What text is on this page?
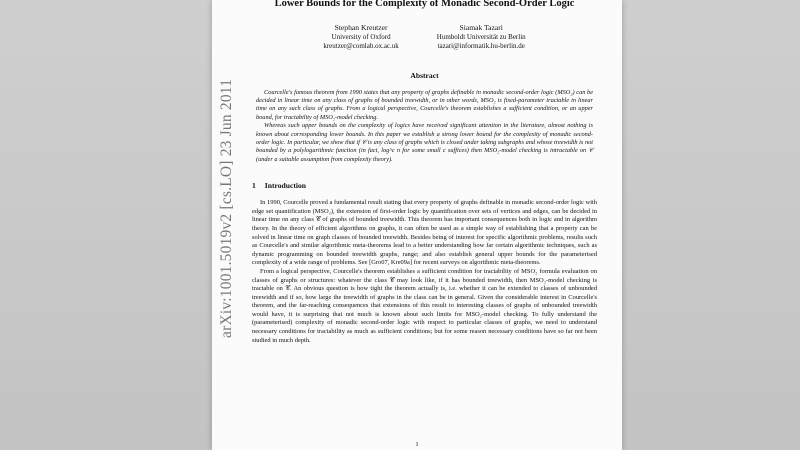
Lower Bounds for the Complexity of Monadic Second-Order Logic
Stephan Kreutzer
University of Oxford
kreutzer@comlab.ox.ac.uk
Siamak Tazari
Humboldt Universität zu Berlin
tazari@informatik.hu-berlin.de
Abstract

Courcelle's famous theorem from 1990 states that any property of graphs definable in monadic second-order logic (MSO₂) can be decided in linear time on any class of graphs of bounded treewidth, or in other words, MSO₂ is fixed-parameter tractable in linear time on any such class of graphs. From a logical perspective, Courcelle's theorem establishes a sufficient condition, or an upper bound, for tractability of MSO₂-model checking.

Whereas such upper bounds on the complexity of logics have received significant attention in the literature, almost nothing is known about corresponding lower bounds. In this paper we establish a strong lower bound for the complexity of monadic second-order logic. In particular, we show that if 𝒞 is any class of graphs which is closed under taking subgraphs and whose treewidth is not bounded by a polylogarithmic function (in fact, log^c n for some small c suffices) then MSO₂-model checking is intractable on 𝒞 (under a suitable assumption from complexity theory).

1 Introduction

In 1990, Courcelle proved a fundamental result stating that every property of graphs definable in monadic second-order logic with edge set quantification (MSO₂), the extension of first-order logic by quantification over sets of vertices and edges, can be decided in linear time on any class 𝒞 of graphs of bounded treewidth. This theorem has important consequences both in logic and in algorithm theory. In the theory of efficient algorithms on graphs, it can often be used as a simple way of establishing that a property can be solved in linear time on graph classes of bounded treewidth. Besides being of interest for specific algorithmic problems, results such as Courcelle's and similar algorithmic meta-theorems lead to a better understanding how far certain algorithmic techniques, such as dynamic programming on bounded treewidth graphs, range; and also establish general upper bounds for the parameterised complexity of a wide range of problems. See [Gro07, Kre09a] for recent surveys on algorithmic meta-theorems.

From a logical perspective, Courcelle's theorem establishes a sufficient condition for tractability of MSO₂ formula evaluation on classes of graphs or structures: whatever the class 𝒞 may look like, if it has bounded treewidth, then MSO₂-model checking is tractable on 𝒞. An obvious question is how tight the theorem actually is, i.e. whether it can be extended to classes of unbounded treewidth and if so, how large the treewidth of graphs in the class can be in general. Given the considerable interest in Courcelle's theorem, and the far-reaching consequences that extensions of this result to interesting classes of graphs of unbounded treewidth would have, it is surprising that not much is known about such limits for MSO₂-model checking. To fully understand the (parameterised) complexity of monadic second-order logic with respect to particular classes of graphs, we need to understand necessary conditions for tractability as much as sufficient conditions; but for some reason necessary conditions have so far not been studied in much depth.

1
arXiv:1001.5019v2 [cs.LO] 23 Jun 2011
